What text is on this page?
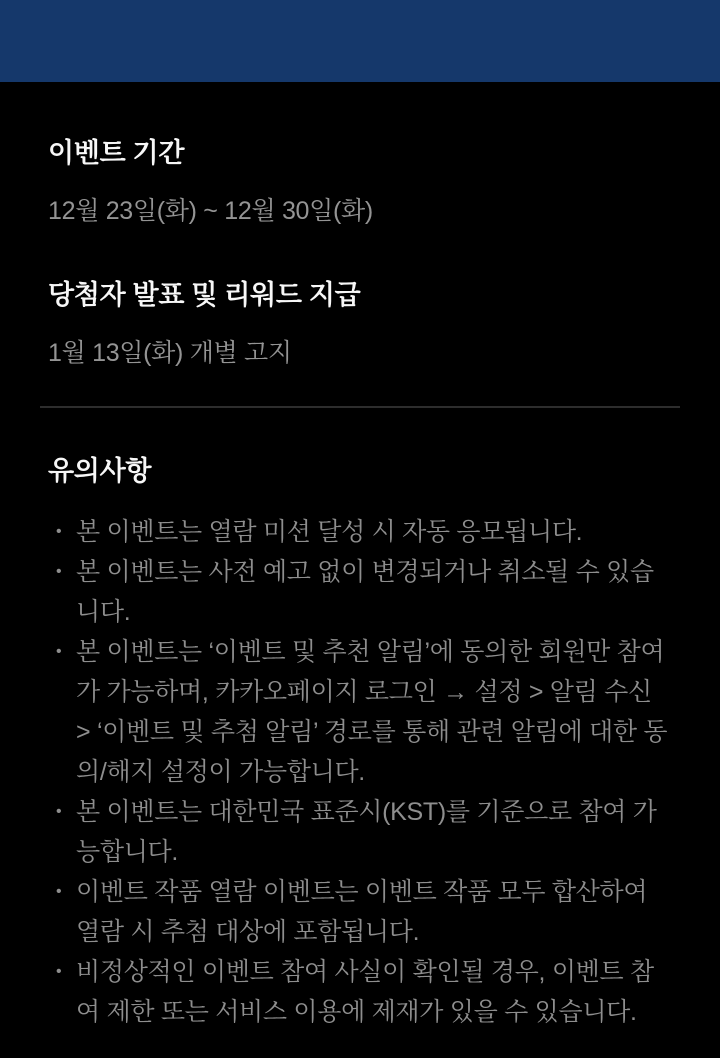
이벤트 기간

12월 23일(화) ~ 12월 30일(화)

당첨자 발표 및 리워드 지급

1월 13일(화) 개별 고지

유의사항
• 본 이벤트는 열람 미션 달성 시 자동 응모됩니다.
• 본 이벤트는 사전 예고 없이 변경되거나 취소될 수 있습니다.
• 본 이벤트는 ‘이벤트 및 추천 알림’에 동의한 회원만 참여가 가능하며, 카카오페이지 로그인 → 설정 > 알림 수신 > ‘이벤트 및 추첨 알림’ 경로를 통해 관련 알림에 대한 동의/해지 설정이 가능합니다.
• 본 이벤트는 대한민국 표준시(KST)를 기준으로 참여 가능합니다.
• 이벤트 작품 열람 이벤트는 이벤트 작품 모두 합산하여 열람 시 추첨 대상에 포함됩니다.
• 비정상적인 이벤트 참여 사실이 확인될 경우, 이벤트 참여 제한 또는 서비스 이용에 제재가 있을 수 있습니다.
